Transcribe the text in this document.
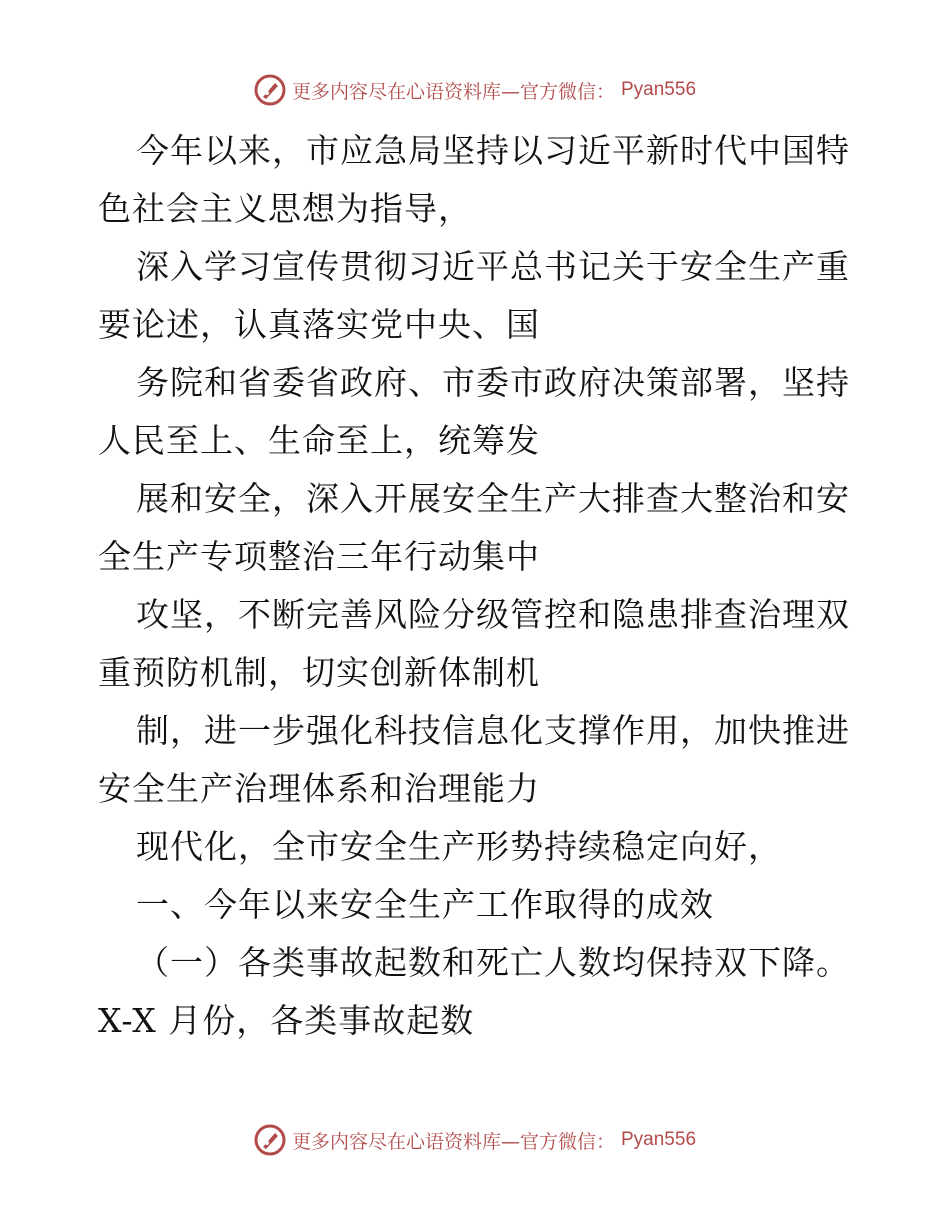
更多内容尽在心语资料库—官方微信： Pyan556
今年以来，市应急局坚持以习近平新时代中国特
色社会主义思想为指导，
深入学习宣传贯彻习近平总书记关于安全生产重
要论述，认真落实党中央、国
务院和省委省政府、市委市政府决策部署，坚持
人民至上、生命至上，统筹发
展和安全，深入开展安全生产大排查大整治和安
全生产专项整治三年行动集中
攻坚，不断完善风险分级管控和隐患排查治理双
重预防机制，切实创新体制机
制，进一步强化科技信息化支撑作用，加快推进
安全生产治理体系和治理能力
现代化，全市安全生产形势持续稳定向好，
一、今年以来安全生产工作取得的成效
（一）各类事故起数和死亡人数均保持双下降。
X-X 月份，各类事故起数
更多内容尽在心语资料库—官方微信： Pyan556
